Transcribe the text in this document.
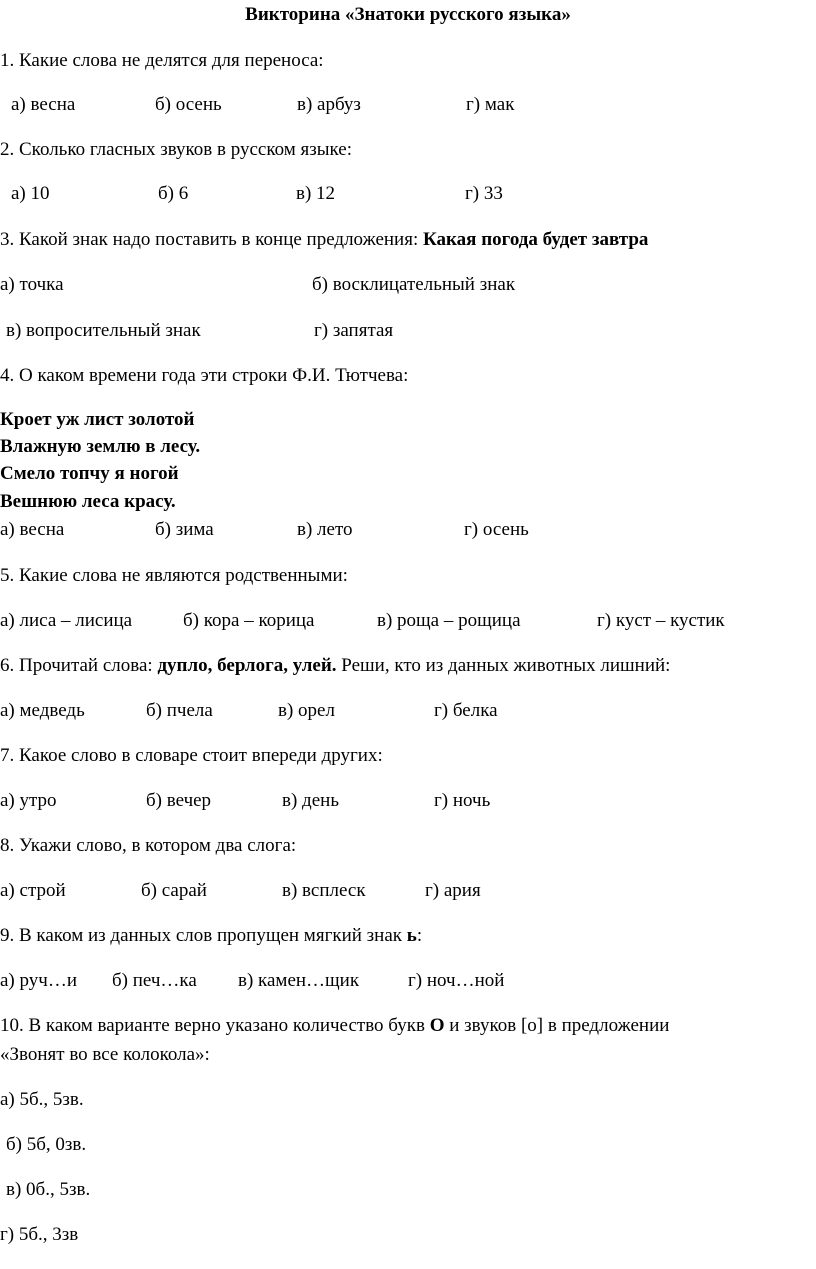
Викторина «Знатоки русского языка»
1. Какие слова не делятся для переноса:
а) весна	б) осень	в) арбуз	г) мак
2. Сколько гласных звуков в русском языке:
а) 10	б) 6	в) 12	г) 33
3. Какой знак надо поставить в конце предложения: Какая погода будет завтра
а) точка	б) восклицательный знак
в) вопросительный знак	г) запятая
4. О каком времени года эти строки Ф.И. Тютчева:
Кроет уж лист золотой
Влажную землю в лесу.
Смело топчу я ногой
Вешнюю леса красу.
а) весна	б) зима	в) лето	г) осень
5. Какие слова не являются родственными:
а) лиса – лисица	б) кора – корица	в) роща – рощица	г) куст – кустик
6. Прочитай слова: дупло, берлога, улей. Реши, кто из данных животных лишний:
а) медведь	б) пчела	в) орел	г) белка
7. Какое слово в словаре стоит впереди других:
а) утро	б) вечер	в) день	г) ночь
8. Укажи слово, в котором два слога:
а) строй	б) сарай	в) всплеск	г) ария
9. В каком из данных слов пропущен мягкий знак ь:
а) руч…и б) печ…ка в) камен…щик	г) ноч…ной
10. В каком варианте верно указано количество букв О и звуков [о] в предложении
«Звонят во все колокола»:
а) 5б., 5зв.
б) 5б, 0зв.
в) 0б., 5зв.
г) 5б., 3зв
